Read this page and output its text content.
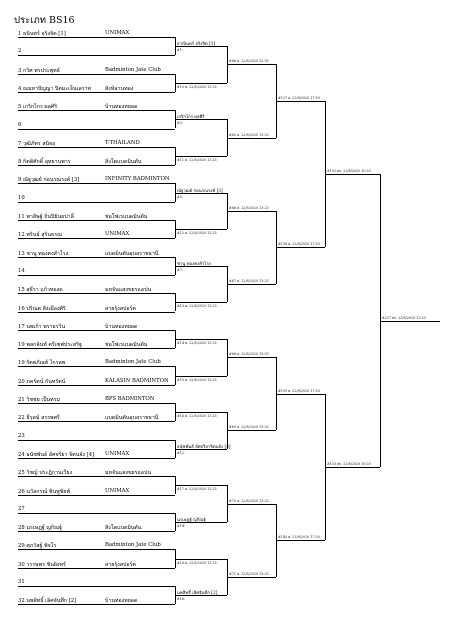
ประเภท BS16
1 ธนินทร์ จริงจิต [1]	UNIMAX
2
3 กวิศ พรประพุทธ์	Badminton Jate Club
4 ณมหาปัญญา ปิตมะเจ็นเลราท	สิงห์อานทอง
5 เกริกไกร ผลศิริ	บ้านทองหยอด
6
7 วุฒิภัทร สนิจฤ	T-THAILAND
8 กิตติศักดิ์ อุทยานพาร	สิงโตแบดมินตัน
9 ณัฐวุฒย์ ก่อนรณรงค์ [3]	INFINITY BADMINTON
10
11 พาสิษฐ์ ถิ่นปิยินยปาลี่	ช่อโฟเรแบดมินตัน
12 พรินธ์ สุรินธรณ	UNIMAX
13 ชานู ทองคงสำโรง	แบดมินตันอุบลราชธานี
14
15 สุธีรา แก้วทองด	มหจันแสงขยรแอปน
16 ปริณต สิงเมืองศิริ	สายรุ้งสปอร์ต
17 นพเก้า พรายรวิน	บ้านทองหยอด
19 พลกลินท์ ตรีเซฟประสริฐ	ช่อโฟเรแบดมินตัน
19 รัตตภัณท์ ไกรลพ	Badminton Jate Club
20 ภครัตน์ กันทรัตน์	KALASIN BADMINTON
21 วิชชย เป็นทรม	BPS BADMINTON
22 ธีรุดม์ สรรพศรี	แบดมินตันอุบลราชธานี
23
24 ธนัชพันธ์ อัศจริยา จิตนจัง [4] UNIMAX
25 วิชญ์ ประฎิกานเวียง	มหจันแสงขยรแอปน
26 นวัลกรณ์ ชินพูชัยพ์	UNIMAX
27
28 นรเษฎฐ์ ญกิณฐ์	สิงโตแบดมินตัน
29 ศุภวัสฐ์ พิจโร	Badminton Jate Club
30 วรรษพร ชินผิงทร์	สายรุ้งสปอร์ต
31
32 นพสิทธิ์ เลิศจันทึก [2]	บ้านทองหยอด
ธาณินทร์ จริงจิต [1]
#1:
#10 ศ. 22/8/2020 13:25
เกริกไกร ผลศิริ
#3:
#11 ศ. 22/8/2020 13:25
ณัฐวุฒย์ ก่อนรณรงค์ [3]
#5:
#12 ศ. 22/8/2020 13:25
ชานู ทองคงสำโรง
#7:
#13 ศ. 22/8/2020 13:25
#14 ศ. 22/8/2020 13:25
#15 ศ. 22/8/2020 13:25
#16 ศ. 22/8/2020 13:25
ธนัชพันธ์ อัศจริยาจิตนจัง [4]
#12:
#17 ศ. 22/8/2020 13:25
นรเษฎฐ์ ญกิณฐ์
#14:
#18 ศ. 22/8/2020 13:25
นพสิทธิ์ เลิศจันทึก [2]
#16:
#66 ศ. 22/8/2020 12:55
#65 ศ. 22/8/2020 13:25
#66 ศ. 22/8/2020 13:25
#67 ศ. 22/8/2020 13:25
#68 ศ. 22/8/2020 13:25
#69 ศ. 22/8/2020 13:25
#70 ศ. 22/8/2020 13:25
#71 ศ. 22/8/2020 13:25
#137 ศ. 22/8/2020 17:30
#138 ศ. 22/8/2020 17:30
#139 ศ. 22/8/2020 17:30
#140 ศ. 22/8/2020 17:30
#152 ศก. 23/8/2020 10:20
#153 ศก. 23/8/2020 10:20
#227 ศก. 23/8/2020 12:55
